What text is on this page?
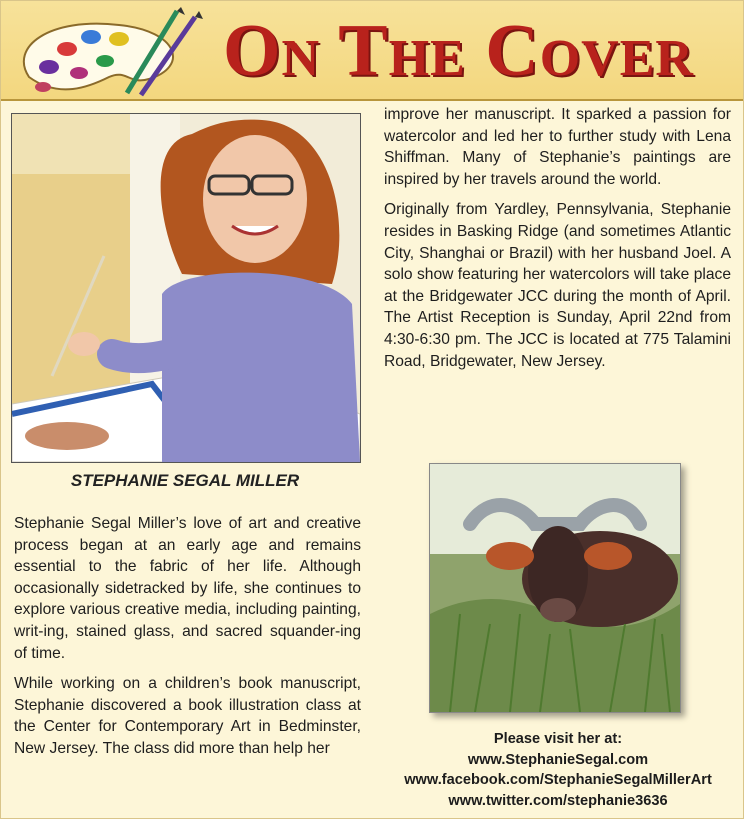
On The Cover
STEPHANIE SEGAL MILLER

Stephanie Segal Miller’s love of art and creative process began at an early age and remains essential to the fabric of her life. Although occasionally sidetracked by life, she continues to explore various creative media, including painting, writ-ing, stained glass, and sacred squander-ing of time.

While working on a children’s book manuscript, Stephanie discovered a book illustration class at the Center for Contemporary Art in Bedminster, New Jersey. The class did more than help her

improve her manuscript. It sparked a passion for watercolor and led her to further study with Lena Shiffman. Many of Stephanie’s paintings are inspired by her travels around the world.

Originally from Yardley, Pennsylvania, Stephanie resides in Basking Ridge (and sometimes Atlantic City, Shanghai or Brazil) with her husband Joel. A solo show featuring her watercolors will take place at the Bridgewater JCC during the month of April. The Artist Reception is Sunday, April 22nd from 4:30-6:30 pm. The JCC is located at 775 Talamini Road, Bridgewater, New Jersey.

Please visit her at:
www.StephanieSegal.com
www.facebook.com/StephanieSegalMillerArt
www.twitter.com/stephanie3636
